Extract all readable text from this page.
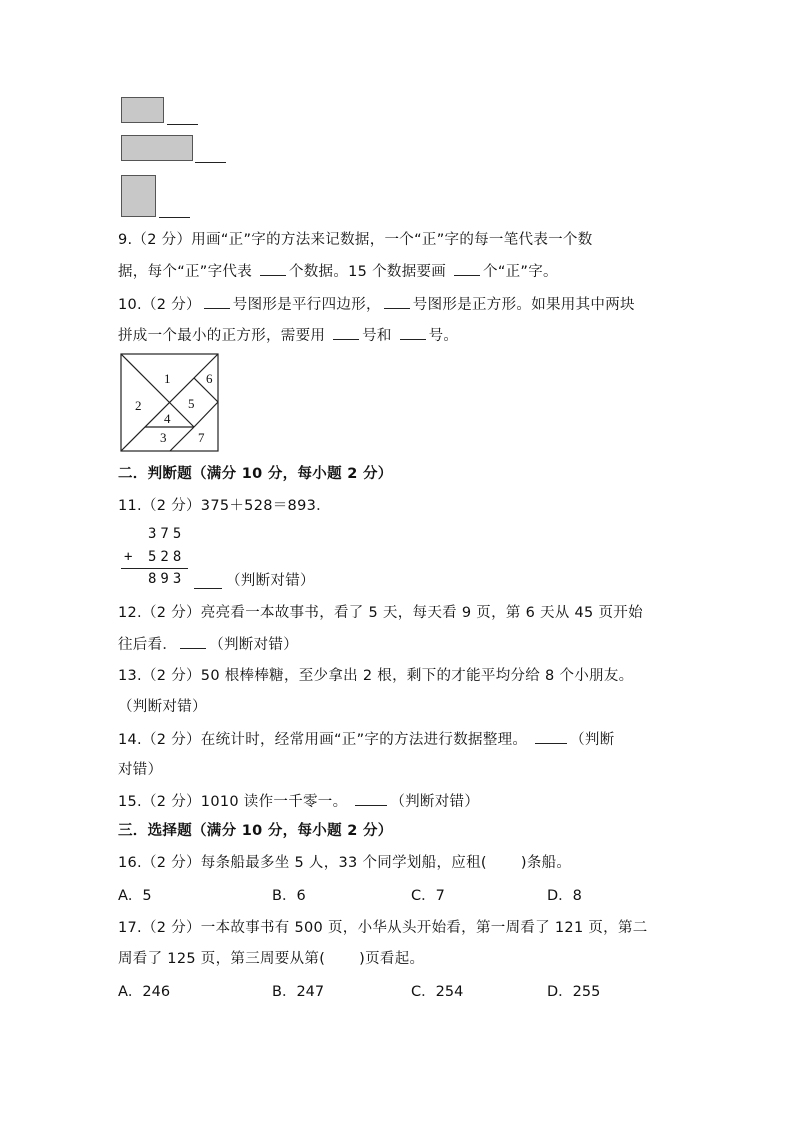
9.（2 分）用画“正”字的方法来记数据，一个“正”字的每一笔代表一个数
据，每个“正”字代表 个数据。15 个数据要画 个“正”字。
10.（2 分） 号图形是平行四边形， 号图形是正方形。如果用其中两块
拼成一个最小的正方形，需要用 号和 号。
1
2
3
4
5
6
7
二．判断题（满分 10 分，每小题 2 分）
11.（2 分）375＋528＝893．
375
+ 528
893	（判断对错）
12.（2 分）亮亮看一本故事书，看了 5 天，每天看 9 页，第 6 天从 45 页开始
往后看． （判断对错）
13.（2 分）50 根棒棒糖，至少拿出 2 根，剩下的才能平均分给 8 个小朋友。
（判断对错）
14.（2 分）在统计时，经常用画“正”字的方法进行数据整理。	（判断
对错）
15.（2 分）1010 读作一千零一。	（判断对错）
三．选择题（满分 10 分，每小题 2 分）
16.（2 分）每条船最多坐 5 人，33 个同学划船，应租( )条船。
A．5	B．6	C．7	D．8
17.（2 分）一本故事书有 500 页，小华从头开始看，第一周看了 121 页，第二
周看了 125 页，第三周要从第( )页看起。
A．246	B．247	C．254	D．255
